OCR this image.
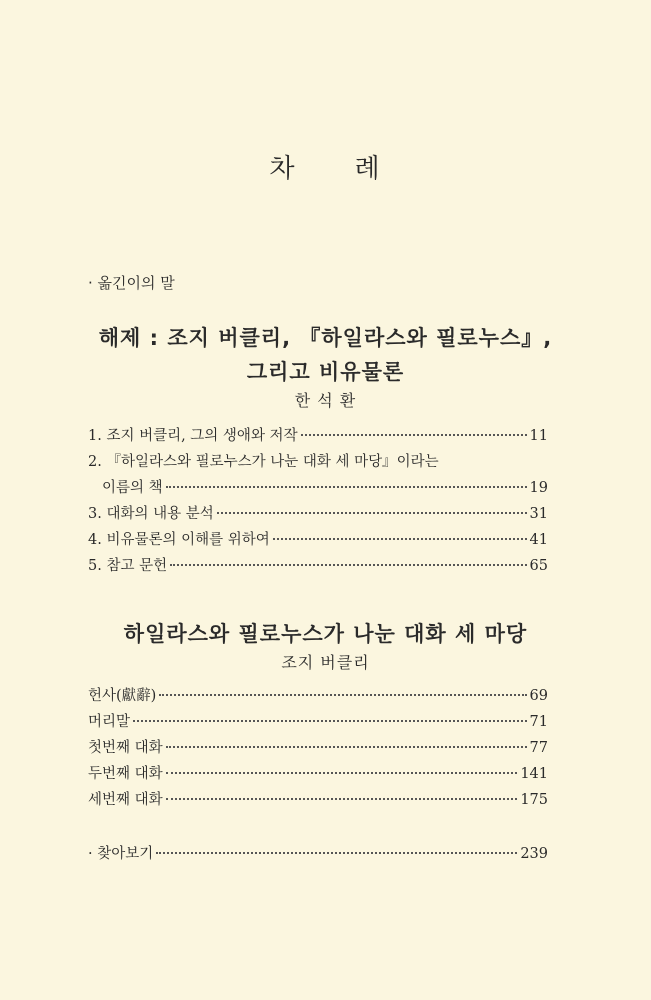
차 례
· 옮긴이의 말
해제 : 조지 버클리, 『하일라스와 필로누스』,
그리고 비유물론
한 석 환
1. 조지 버클리, 그의 생애와 저작	11
2. 『하일라스와 필로누스가 나눈 대화 세 마당』이라는
이름의 책	19
3. 대화의 내용 분석	31
4. 비유물론의 이해를 위하여	41
5. 참고 문헌	65
하일라스와 필로누스가 나눈 대화 세 마당
조지 버클리
헌사(獻辭)	69
머리말	71
첫번째 대화	77
두번째 대화	141
세번째 대화	175
· 찾아보기	239
